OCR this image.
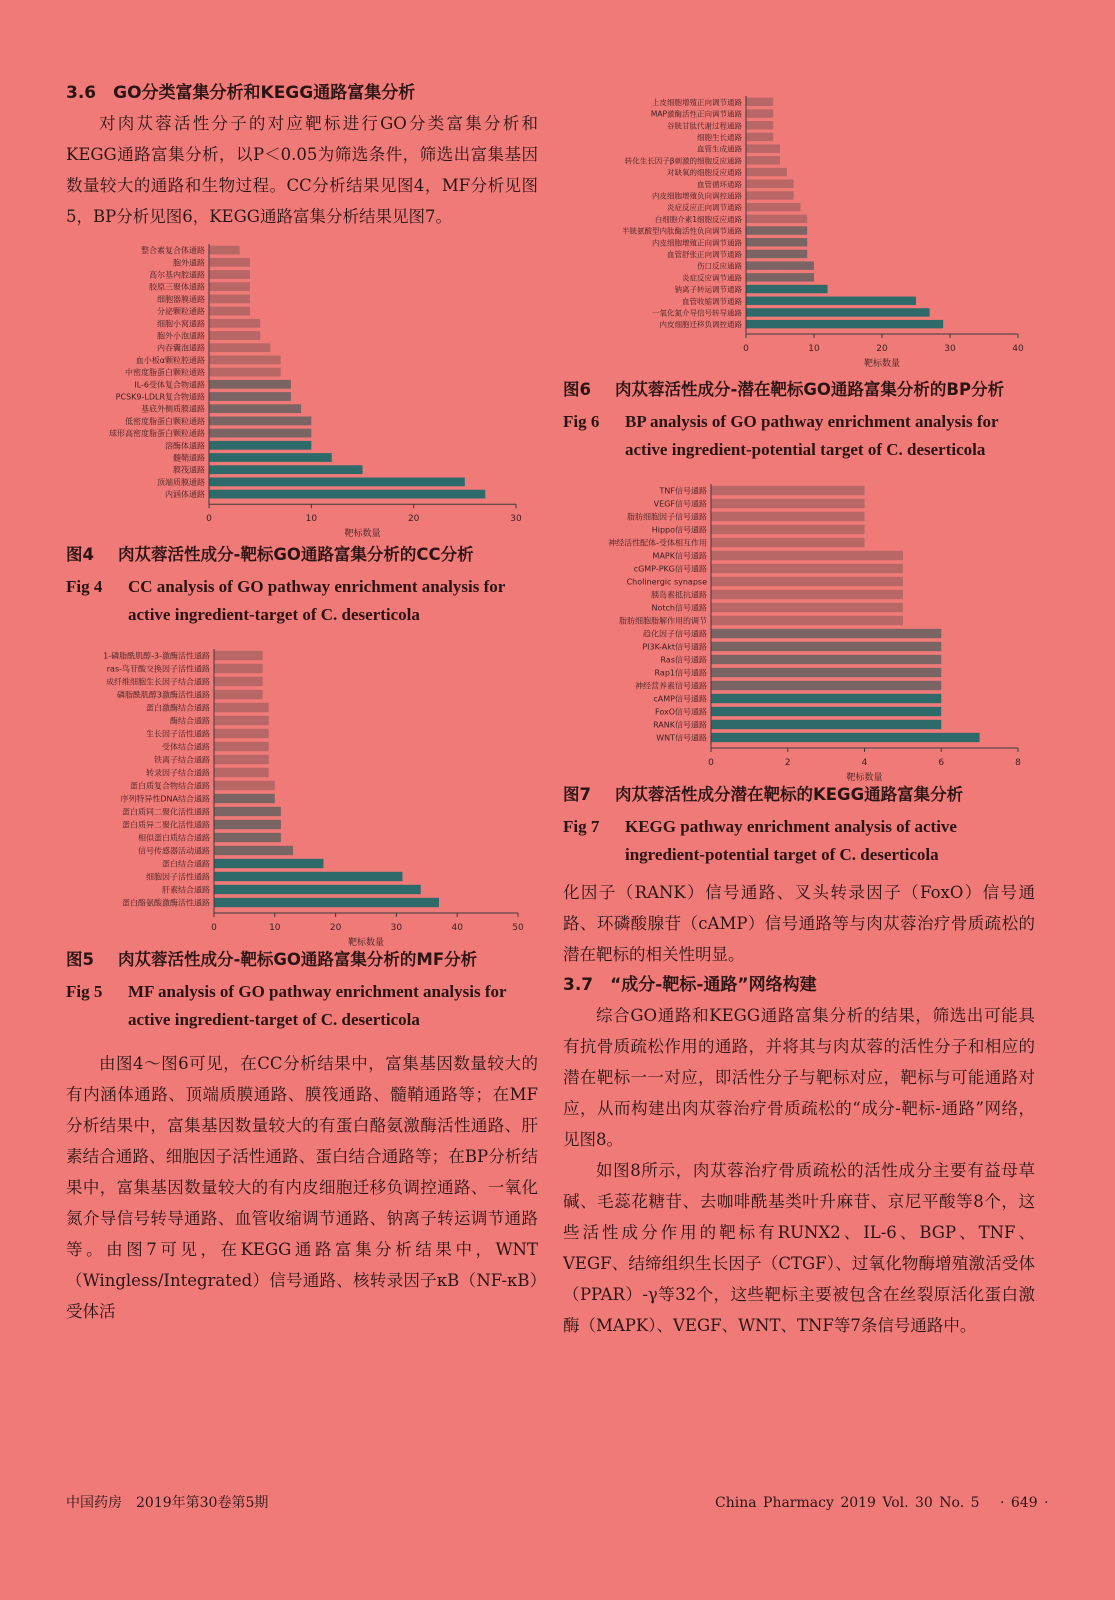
3.6　GO分类富集分析和KEGG通路富集分析

对肉苁蓉活性分子的对应靶标进行GO分类富集分析和KEGG通路富集分析，以P＜0.05为筛选条件，筛选出富集基因数量较大的通路和生物过程。CC分析结果见图4，MF分析见图5，BP分析见图6，KEGG通路富集分析结果见图7。

整合素复合体通路
胞外通路
高尔基内腔通路
胶原三聚体通路
细胞器膜通路
分泌颗粒通路
细胞小窝通路
胞外小泡通路
内吞囊泡通路
血小板α颗粒腔通路
中密度脂蛋白颗粒通路
IL-6受体复合物通路
PCSK9-LDLR复合物通路
基底外侧质膜通路
低密度脂蛋白颗粒通路
球形高密度脂蛋白颗粒通路
溶酶体通路
髓鞘通路
膜筏通路
顶端质膜通路
内涵体通路
0	10	20	30
靶标数量
图4	肉苁蓉活性成分-靶标GO通路富集分析的CC分析
Fig 4	CC analysis of GO pathway enrichment analysis for active ingredient-target of C. deserticola
1-磷脂酰肌醇-3-激酶活性通路
ras-鸟苷酸交换因子活性通路
成纤维细胞生长因子结合通路
磷脂酰肌醇3激酶活性通路
蛋白激酶结合通路
酶结合通路
生长因子活性通路
受体结合通路
铁离子结合通路
转录因子结合通路
蛋白质复合物结合通路
序列特异性DNA结合通路
蛋白质同二聚化活性通路
蛋白质异二聚化活性通路
相似蛋白质结合通路
信号传感器活动通路
蛋白结合通路
细胞因子活性通路
肝素结合通路
蛋白酪氨酸激酶活性通路
0	10	20	30	40	50
靶标数量
图5	肉苁蓉活性成分-靶标GO通路富集分析的MF分析
Fig 5	MF analysis of GO pathway enrichment analysis for active ingredient-target of C. deserticola

由图4～图6可见，在CC分析结果中，富集基因数量较大的有内涵体通路、顶端质膜通路、膜筏通路、髓鞘通路等；在MF分析结果中，富集基因数量较大的有蛋白酪氨激酶活性通路、肝素结合通路、细胞因子活性通路、蛋白结合通路等；在BP分析结果中，富集基因数量较大的有内皮细胞迁移负调控通路、一氧化氮介导信号转导通路、血管收缩调节通路、钠离子转运调节通路等。由图7可见，在KEGG通路富集分析结果中，WNT（Wingless/Integrated）信号通路、核转录因子κB（NF-κB）受体活

上皮细胞增殖正向调节通路
MAP激酶活性正向调节通路
谷胱甘肽代谢过程通路
细胞生长通路
血管生成通路
转化生长因子β刺激的细胞反应通路
对缺氧的细胞反应通路
血管循环通路
内皮细胞增殖负向调控通路
炎症反应正向调节通路
白细胞介素1细胞反应通路
半胱氨酸型内肽酶活性负向调节通路
内皮细胞增殖正向调节通路
血管舒张正向调节通路
伤口反应通路
炎症反应调节通路
钠离子转运调节通路
血管收缩调节通路
一氧化氮介导信号转导通路
内皮细胞迁移负调控通路
0	10	20	30	40
靶标数量
图6	肉苁蓉活性成分-潜在靶标GO通路富集分析的BP分析
Fig 6	BP analysis of GO pathway enrichment analysis for active ingredient-potential target of C. deserticola
TNF信号通路
VEGF信号通路
脂肪细胞因子信号通路
Hippo信号通路
神经活性配体-受体相互作用
MAPK信号通路
cGMP-PKG信号通路
Cholinergic synapse
胰岛素抵抗通路
Notch信号通路
脂肪细胞脂解作用的调节
趋化因子信号通路
PI3K-Akt信号通路
Ras信号通路
Rap1信号通路
神经营养素信号通路
cAMP信号通路
FoxO信号通路
RANK信号通路
WNT信号通路
0	2	4	6	8
靶标数量
图7	肉苁蓉活性成分潜在靶标的KEGG通路富集分析
Fig 7	KEGG pathway enrichment analysis of active ingredient-potential target of C. deserticola

化因子（RANK）信号通路、叉头转录因子（FoxO）信号通路、环磷酸腺苷（cAMP）信号通路等与肉苁蓉治疗骨质疏松的潜在靶标的相关性明显。

3.7　“成分-靶标-通路”网络构建

综合GO通路和KEGG通路富集分析的结果，筛选出可能具有抗骨质疏松作用的通路，并将其与肉苁蓉的活性分子和相应的潜在靶标一一对应，即活性分子与靶标对应，靶标与可能通路对应，从而构建出肉苁蓉治疗骨质疏松的“成分-靶标-通路”网络，见图8。

如图8所示，肉苁蓉治疗骨质疏松的活性成分主要有益母草碱、毛蕊花糖苷、去咖啡酰基类叶升麻苷、京尼平酸等8个，这些活性成分作用的靶标有RUNX2、IL-6、BGP、TNF、VEGF、结缔组织生长因子（CTGF）、过氧化物酶增殖激活受体（PPAR）-γ等32个，这些靶标主要被包含在丝裂原活化蛋白激酶（MAPK）、VEGF、WNT、TNF等7条信号通路中。

中国药房　2019年第30卷第5期	China Pharmacy 2019 Vol. 30 No. 5　 · 649 ·
